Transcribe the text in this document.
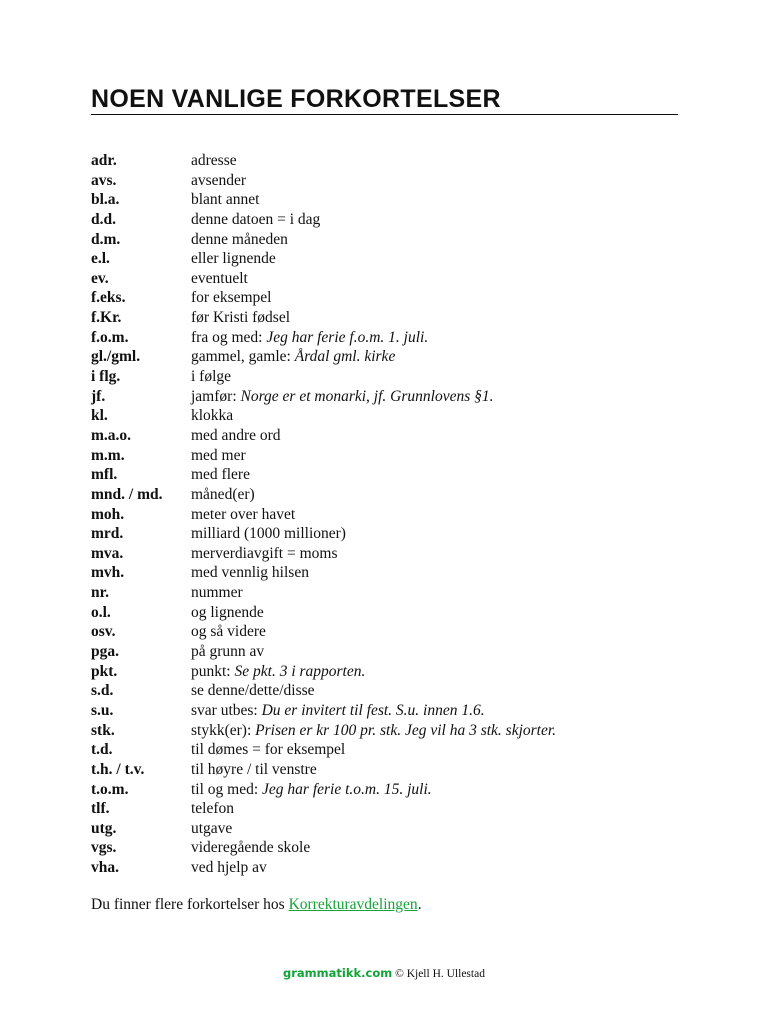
NOEN VANLIGE FORKORTELSER
adr.	adresse
avs.	avsender
bl.a.	blant annet
d.d.	denne datoen = i dag
d.m.	denne måneden
e.l.	eller lignende
ev.	eventuelt
f.eks.	for eksempel
f.Kr.	før Kristi fødsel
f.o.m.	fra og med: Jeg har ferie f.o.m. 1. juli.
gl./gml.	gammel, gamle: Årdal gml. kirke
i flg.	i følge
jf.	jamfør: Norge er et monarki, jf. Grunnlovens §1.
kl.	klokka
m.a.o.	med andre ord
m.m.	med mer
mfl.	med flere
mnd. / md.	måned(er)
moh.	meter over havet
mrd.	milliard (1000 millioner)
mva.	merverdiavgift = moms
mvh.	med vennlig hilsen
nr.	nummer
o.l.	og lignende
osv.	og så videre
pga.	på grunn av
pkt.	punkt: Se pkt. 3 i rapporten.
s.d.	se denne/dette/disse
s.u.	svar utbes: Du er invitert til fest. S.u. innen 1.6.
stk.	stykk(er): Prisen er kr 100 pr. stk. Jeg vil ha 3 stk. skjorter.
t.d.	til dømes = for eksempel
t.h. / t.v.	til høyre / til venstre
t.o.m.	til og med: Jeg har ferie t.o.m. 15. juli.
tlf.	telefon
utg.	utgave
vgs.	videregående skole
vha.	ved hjelp av
Du finner flere forkortelser hos Korrekturavdelingen.
grammatikk.com © Kjell H. Ullestad
